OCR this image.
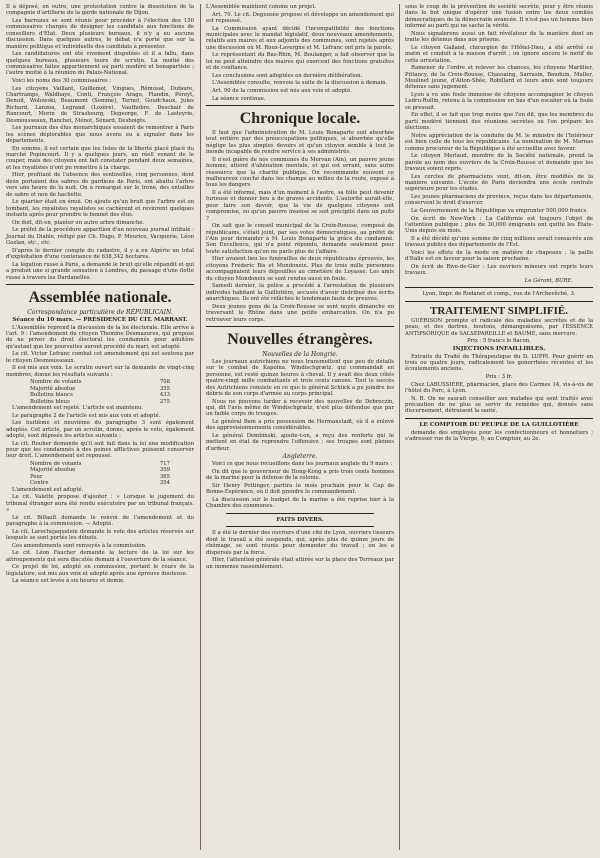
Il a déposé, en outre, une protestation contre la dissolution de la compagnie d'artillerie de la garde nationale de Dijon.

Les barreaux se sont réunis pour procéder à l'élection des 150 commissaires chargés de désigner les candidats aux fonctions de conseillers d'État. Deux plusieurs bureaux, il n'y a eu aucune discussion. Dans quelques autres, le débat n'a porté que sur la manière politique et individuelle des candidats à présenter.

Les candidatures ont été vivement disputées et il a fallu, dans quelques bureaux, plusieurs tours de scrutin. La moitié des commissaires faites appartiennent au parti modéré et bonapartiste ; l'autre moitié à la réunion du Palais-National.

Voici les noms des 30 commissaires :

Les citoyens Vaillant, Guillemot, Vingues, Rémusat, Dufaure, Chartramps, Waldhaye, Conti, François Arago, Flandin, Péreyt, Denuit, Wolowski, Beaumont (Somme), Ternet, Goudchaux, Jules Richard, Lanzoa, Legrand (Lozère), Vauthobre, Deschair de Rancourt, Morin de Strasbourg, Degeorge, F. de Lasteyrie, Desmousseaux, Ranchet, Ménot, Sénard, Desboigts.

Les journaux des élus monarchiques essaient de remontrer à Paris les scènes déplorables que nous avons eu à signaler dans les départements.

En somme, il est certain que les listes de la liberté placé placé du marché Popincourt. Il y a quelques jours, un réell venant de le couper, mais des citoyens ont fait constater pendant deux semaines, et les royalistes n'ont pu remettre à la charge.

Hier, profitant de l'absence des sentinelles, cinq personnes, dont deux portaient des sabres de gardiens de Paris, ont abattu l'arbre vers une heure de la nuit. On a remarqué sur le trone, des entailles de sabre et non de hachette.

Le quartier était en émoi. On ajoute qu'un bruit que l'arbre est on tombant, les royalistes rayalistes se cachèrent et revinrent quelques instants après pour prendre le bonnet des élus.

On doit, dit-on, planter un autre arbre dimanche.

Le préfet de la procédure apparition d'un nouveau journal intitulé : Journal du Diable, rédigé par Ch. Hugo, P. Meurice, Vacquerie, Léon Gozlan, etc., etc.

D'après le dernier compte du cadastre, il y a en Algérie un total d'exploitation d'une contenance de 638,342 hectares.

La légation russe à Paris, a demandé le bruit qu'elle répandit et qui a produit une si grande sensation à Londres, du passage d'une flotte russe à travers les Dardanelles.

Assemblée nationale.
Correspondance particulière de RÉPUBLICAIN.
Séance du 10 mars. — PRÉSIDENCE DU CIT. MARRAST.

L'Assemblée reprend la discussion de la loi électorale. Elle arrive à l'art. 9 : l'amendement du citoyen Thomine Desmazures, qui propose de ne priver du droit électoral les condamnés pour adultère qu'autant que les poursuites auront procédé du mari, est adopté.

Le cit. Victor Lefranc combat cet amendement qui est soutenu par le citoyen Desmousseaux.

Il est mis aux voix. Le scrutin ouvert sur la demande de vingt-cinq membres, donne les résultats suivants :

Nombre de votants	708
Majorité absolue	355
Bulletins blancs	433
Bulletins bleus	275

L'amendement est rejeté. L'article est maintenu.

Le paragraphe 2 de l'article est mis aux voix et adopté.

Les huitième et neuvième du paragraphe 3 sont également adoptés. Cet article, par un scrutin, donne, après le vote, également adopté, sont déposés les articles suivants :

Le cit. Rouher demande qu'il soit fait dans la loi une modification pour que les condamnés à des peines afflictives puissent conserver leur droit. L'amendement est repoussé.

Nombre de votants	717
Majorité absolue	359
Pour	365
Contre	354

L'amendement est adopté.

Le cit. Valette propose d'ajouter : « Lorsque le jugement du tribunal étranger aura été rendu exécutoire par un tribunal français. »

Le cit. Billault demande le renvoi de l'amendement et du paragraphe à la commission. — Adopté.

Le cit. Larochejaquelein demande le vote des articles réservés sur lesquels se sont portés les débats.

Ces amendements sont renvoyés à la commission.

Le cit. Léon Faucher demande la lecture de la loi sur les attroupements qui sera discutée demain à l'ouverture de la séance.

Ce projet de loi, adopté en commission, portant le cours de la législature, est mis aux voix et adopté après une épreuve douteuse.

La séance est levée à six heures et demie.

L'Assemblée maintient comme un projet.

Art. 70. Le cit. Degousée propose et développe un amendement qui est repoussé.

La Commission ayant décidé l'incompatibilité des fonctions municipales avec le mandat législatif, deux nouveaux amendements, relatifs aux maires et aux adjoints des communes, sont rejetés après une discussion où M. Roux-Lavergne et M. Lefranc ont pris la parole.

Le représentant du Bas-Rhin, M. Boulanger, a fait observer que la loi ne peut atteindre des maires qui exercent des fonctions gratuites et de confiance.

Les conclusions sont adoptées en dernière délibération.

L'Assemblée consulte, renvoie la suite de la discussion à demain.

Art. 90 de la commission est mis aux voix et adopté.

La séance continue.

Chronique locale.

Il faut que l'administration de M. Louis Bonaparte soit absorbée tout entière par des préoccupations politiques, si absorbée qu'elle néglige les plus simples devoirs et qu'un citoyen semble à tout le monde incapable de rendre service à ses administrés.

Il n'est guère de nos communes du Morvan (Ain), un pauvre jeune homme, atteint d'aliénation mentale, et qui est errant, sans autre ressource que la charité publique. On recommande souvent ce malheureux couché dans les champs au milieu de la route, exposé à tous les dangers.

Il a été informé, mais d'un moment à l'autre, sa folie peut devenir furieuse et donner lieu à de graves accidents. L'autorité aurait-elle, pour faire son devoir, que la vie de quelques citoyens soit compromise, ou qu'un pauvre insensé se soit précipité dans un puits ?

On sait que le conseil municipal de la Croix-Rousse, composé de républicains, s'était joint, par ses votes démocratiques, au préfet de l'Ain pour demander à M. Louis Bonaparte la grâce du condamné. Son Excellence, qui n'a point répondu, demande seulement pour toute satisfaction qu'on ne parle plus de l'affaire.

Hier avaient lieu les funérailles de deux républicains éprouvés, les citoyens Fréderic Bis et Mondoneix. Plus de trois mille personnes accompagnaient leurs dépouilles au cimetière de Loyasse. Les amis du citoyen Mondoneix se sont rendus aussi en foule.

Samedi dernier, la police a procédé à l'arrestation de plusieurs individus habitant la Guillotière, accusés d'avoir distribué des écrits anarchiques. Ils ont été relâchés le lendemain faute de preuves.

Deux jeunes gens de la Croix-Rousse se sont noyés dimanche en traversant le Rhône dans une petite embarcation. On n'a pu retrouver leurs corps.

Nouvelles étrangères.
Nouvelles de la Hongrie.

Les journaux autrichiens ne nous transmettent que peu de détails sur le combat de Kapolna. Windischgrætz, qui commandait en personne, est resté quinze heures à cheval. Il y avait des deux côtés quatre-vingt mille combattants et trois cents canons. Tout le succès des Autrichiens consiste en ce que le général Schlick a pu joindre les débris de son corps d'armée au corps principal.

Nous ne pouvons tarder à recevoir des nouvelles de Debreczin, qui, dit l'avis même de Windischgrætz, n'est plus défendue que par un faible corps de troupes.

Le général Bem a pris possession de Hermanstadt, où il a enlevé des approvisionnements considérables.

Le général Dembinski, ajoute-t-on, a reçu des renforts qui le mettent en état de reprendre l'offensive ; ses troupes sont pleines d'ardeur.

Angleterre.

Voici ce que nous recueillons dans les journaux anglais du 9 mars :

On dit que le gouverneur de Hong-Kong a pris trois cents hommes de la marine pour la défense de la colonie.

Sir Henry Pottinger, partira le mois prochain pour le Cap de Bonne-Espérance, où il doit prendre le commandement.

La discussion sur le budget de la marine a été reprise hier à la Chambre des communes.

FAITS DIVERS.

Il a été le dernier des ouvriers d'une cité de Lyon, ouvriers tisseurs dont le travail a été suspendu, qui, après plus de quinze jours de chômage, se sont réunis pour demander du travail ; on les a dispersés par la force.

Hier, l'attention générale était attirée sur la place des Terreaux par un immense rassemblement.

sous le coup de la prévention de société secrète, pour y être réunis dans le but unique d'opérer une fusion entre les deux comités démocratiques de la démocratie avancée. Il n'est pas un homme bien informé au parti qui ne sache la vérité.

Nous signalerons aussi un fait révélateur de la manière dont on traite les détenus dans nos prisons.

Le citoyen Galland, chirurgien de l'Hôtel-Dieu, a été arrêté ce matin et conduit à la maison d'arrêt ; on ignore encore le motif de cette arrestation.

Ramener de l'ordre et relever les chances, les citoyens Marillier, Pittancy, de la Croix-Rousse, Chassaing, Sarrasin, Bauduin, Muller, Moulinet jeune, d'Alton-Shée, Robillard et leurs amis sont toujours détenus sans jugement.

Lyon a vu une foule immense de citoyens accompagner le citoyen Ledru-Rollin, retenu à la commission en bas d'un escalier où la foule se pressait.

En effet, il se fait que trop moins que l'on dit, que les membres du parti modéré tiennent des réunions secrètes où l'on prépare les élections.

Notre appréciation de la conduite de M. le ministre de l'Intérieur est bien celle de tous les républicains. La nomination de M. Marnas comme procureur de la République a été accueillie avec faveur.

Le citoyen Merlaud, membre de la Société nationale, prend la parole au nom des ouvriers de la Croix-Rousse et demande que les travaux soient repris.

Les cercles de pharmaciens vont, dit-on, être modifiés de la manière suivante. L'école de Paris deviendra une école centrale supérieure pour les études.

Les jeunes pharmaciens de province, reçus dans les départements, conservent le droit d'exercer.

Le Gouvernement de la République va emprunter 500,000 francs.

On écrit de New-York : La Californie est toujours l'objet de l'attention publique ; plus de 30,000 émigrants ont quitté les États-Unis depuis six mois.

Il a été décidé qu'une somme de cinq millions serait consacrée aux travaux publics des départements de l'Est.

Voici les effets de la mode en matière de chapeaux ; la paille d'Italie est en faveur pour la saison prochaine.

On écrit de Rive-de-Gier : Les ouvriers mineurs ont repris leurs travaux.

Le Gérant, BURE.

Lyon, Impr. de Rodanet et comp., rue de l'Archevêché, 3.

TRAITEMENT SIMPLIFIÉ.

GUÉRISON prompte et radicale des maladies secrètes et de la peau, et des dartres, boutons, démangeaisons, par l'ESSENCE ANTIPSORIQUE de SALSEPAREILLE et BAUME, sans mercure.

Prix : 5 francs le flacon.

INJECTIONS INFAILLIBLES.

Extraits du Traité de Thérapeutique du D. LUPPI. Pour guérir en trois ou quatre jours, radicalement les gonorrhées récentes et les écoulements anciens.

Prix : 3 fr.

Chez LABUSSIÈRE, pharmacien, place des Carmes 14, vis-à-vis de l'hôtel du Parc, à Lyon.

N. B. On ne saurait conseiller aux malades qui sont traités avec précaution de ne plus se servir de remèdes qui, donnés sans discernement, détruisent la santé.

LE COMPTOIR DU PEUPLE DE LA GUILLOTIÈRE

demande des employés pour les confectionneurs et bonnetiers ; s'adresser rue de la Vierge, 9, au Comptoir, au 2e.
